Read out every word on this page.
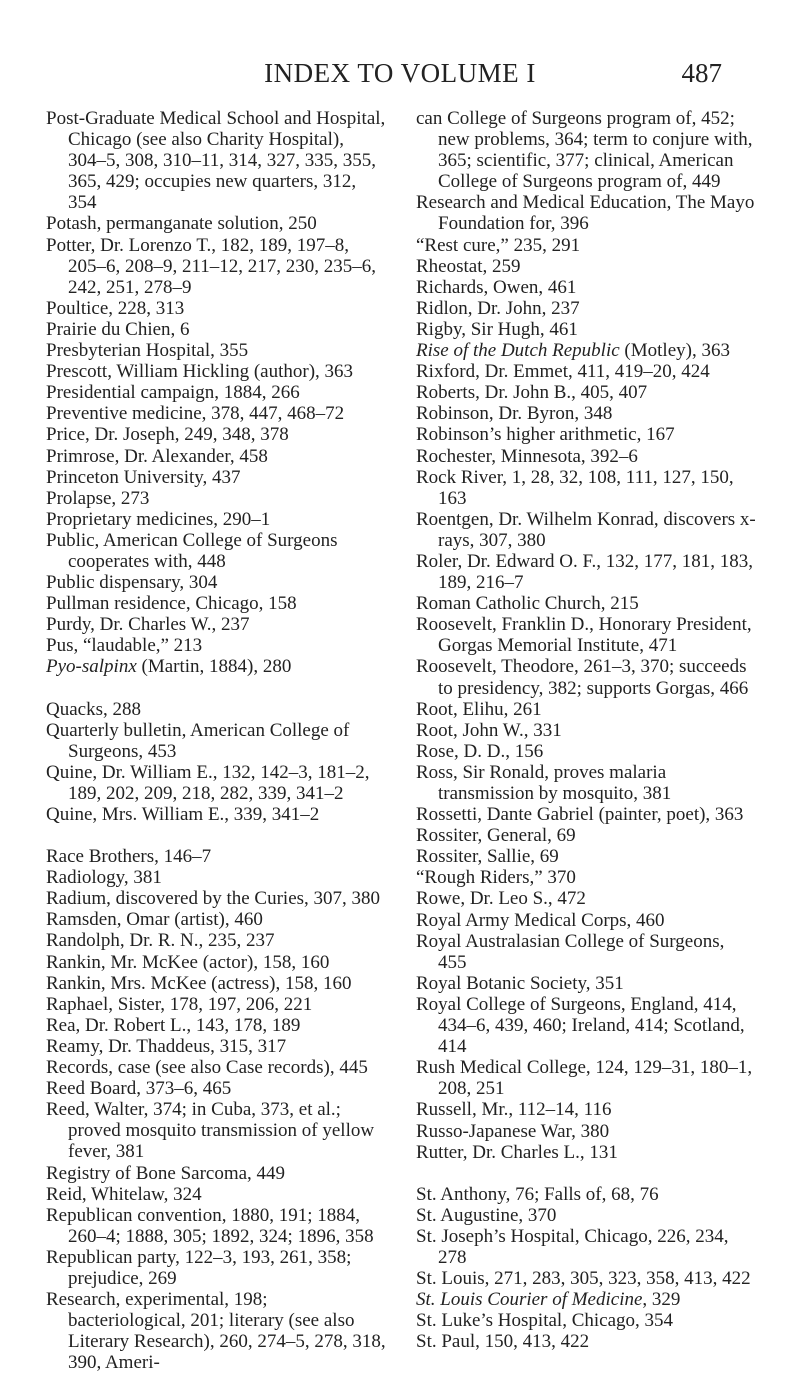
INDEX TO VOLUME I	487

Post-Graduate Medical School and Hospital, Chicago (see also Charity Hospital), 304–5, 308, 310–11, 314, 327, 335, 355, 365, 429; occupies new quarters, 312, 354

Potash, permanganate solution, 250

Potter, Dr. Lorenzo T., 182, 189, 197–8, 205–6, 208–9, 211–12, 217, 230, 235–6, 242, 251, 278–9

Poultice, 228, 313

Prairie du Chien, 6

Presbyterian Hospital, 355

Prescott, William Hickling (author), 363

Presidential campaign, 1884, 266

Preventive medicine, 378, 447, 468–72

Price, Dr. Joseph, 249, 348, 378

Primrose, Dr. Alexander, 458

Princeton University, 437

Prolapse, 273

Proprietary medicines, 290–1

Public, American College of Surgeons cooperates with, 448

Public dispensary, 304

Pullman residence, Chicago, 158

Purdy, Dr. Charles W., 237

Pus, “laudable,” 213

Pyo-salpinx (Martin, 1884), 280

Quacks, 288

Quarterly bulletin, American College of Surgeons, 453

Quine, Dr. William E., 132, 142–3, 181–2, 189, 202, 209, 218, 282, 339, 341–2

Quine, Mrs. William E., 339, 341–2

Race Brothers, 146–7

Radiology, 381

Radium, discovered by the Curies, 307, 380

Ramsden, Omar (artist), 460

Randolph, Dr. R. N., 235, 237

Rankin, Mr. McKee (actor), 158, 160

Rankin, Mrs. McKee (actress), 158, 160

Raphael, Sister, 178, 197, 206, 221

Rea, Dr. Robert L., 143, 178, 189

Reamy, Dr. Thaddeus, 315, 317

Records, case (see also Case records), 445

Reed Board, 373–6, 465

Reed, Walter, 374; in Cuba, 373, et al.; proved mosquito transmission of yellow fever, 381

Registry of Bone Sarcoma, 449

Reid, Whitelaw, 324

Republican convention, 1880, 191; 1884, 260–4; 1888, 305; 1892, 324; 1896, 358

Republican party, 122–3, 193, 261, 358; prejudice, 269

Research, experimental, 198; bacteriological, 201; literary (see also Literary Research), 260, 274–5, 278, 318, 390, Ameri-

can College of Surgeons program of, 452; new problems, 364; term to conjure with, 365; scientific, 377; clinical, American College of Surgeons program of, 449

Research and Medical Education, The Mayo Foundation for, 396

“Rest cure,” 235, 291

Rheostat, 259

Richards, Owen, 461

Ridlon, Dr. John, 237

Rigby, Sir Hugh, 461

Rise of the Dutch Republic (Motley), 363

Rixford, Dr. Emmet, 411, 419–20, 424

Roberts, Dr. John B., 405, 407

Robinson, Dr. Byron, 348

Robinson’s higher arithmetic, 167

Rochester, Minnesota, 392–6

Rock River, 1, 28, 32, 108, 111, 127, 150, 163

Roentgen, Dr. Wilhelm Konrad, discovers x-rays, 307, 380

Roler, Dr. Edward O. F., 132, 177, 181, 183, 189, 216–7

Roman Catholic Church, 215

Roosevelt, Franklin D., Honorary President, Gorgas Memorial Institute, 471

Roosevelt, Theodore, 261–3, 370; succeeds to presidency, 382; supports Gorgas, 466

Root, Elihu, 261

Root, John W., 331

Rose, D. D., 156

Ross, Sir Ronald, proves malaria transmission by mosquito, 381

Rossetti, Dante Gabriel (painter, poet), 363

Rossiter, General, 69

Rossiter, Sallie, 69

“Rough Riders,” 370

Rowe, Dr. Leo S., 472

Royal Army Medical Corps, 460

Royal Australasian College of Surgeons, 455

Royal Botanic Society, 351

Royal College of Surgeons, England, 414, 434–6, 439, 460; Ireland, 414; Scotland, 414

Rush Medical College, 124, 129–31, 180–1, 208, 251

Russell, Mr., 112–14, 116

Russo-Japanese War, 380

Rutter, Dr. Charles L., 131

St. Anthony, 76; Falls of, 68, 76

St. Augustine, 370

St. Joseph’s Hospital, Chicago, 226, 234, 278

St. Louis, 271, 283, 305, 323, 358, 413, 422

St. Louis Courier of Medicine, 329

St. Luke’s Hospital, Chicago, 354

St. Paul, 150, 413, 422
